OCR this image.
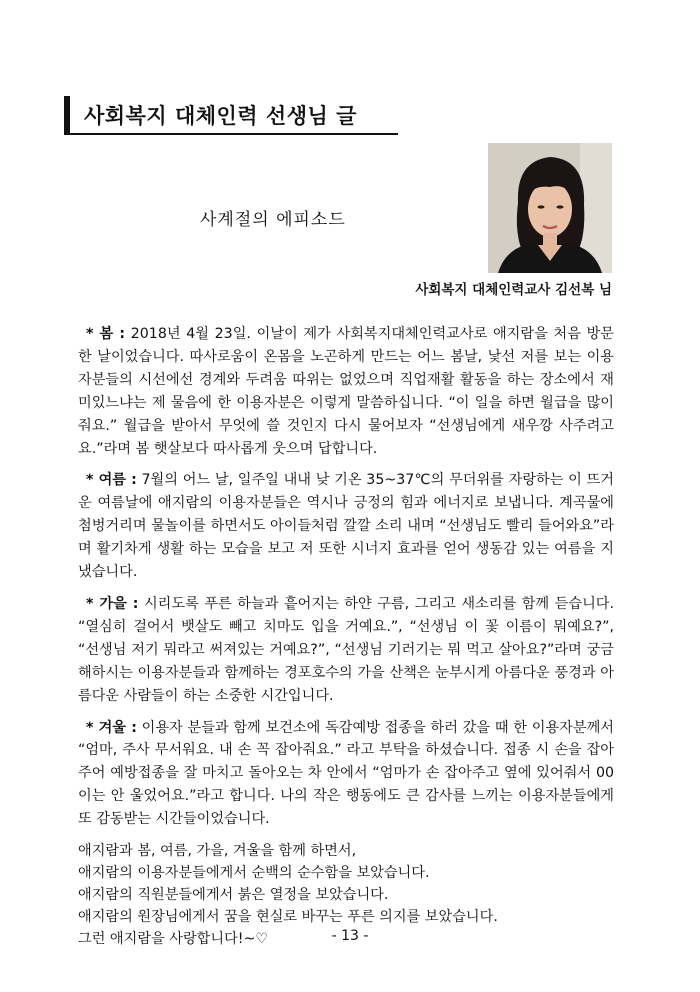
사회복지 대체인력 선생님 글
사계절의 에피소드
사회복지 대체인력교사 김선복 님

* 봄 : 2018년 4월 23일. 이날이 제가 사회복지대체인력교사로 애지람을 처음 방문한 날이었습니다. 따사로움이 온몸을 노곤하게 만드는 어느 봄날, 낯선 저를 보는 이용자분들의 시선에선 경계와 두려움 따위는 없었으며 직업재활 활동을 하는 장소에서 재미있느냐는 제 물음에 한 이용자분은 이렇게 말씀하십니다. “이 일을 하면 월급을 많이 줘요.” 월급을 받아서 무엇에 쓸 것인지 다시 물어보자 “선생님에게 새우깡 사주려고요.”라며 봄 햇살보다 따사롭게 웃으며 답합니다.

* 여름 : 7월의 어느 날, 일주일 내내 낮 기온 35~37℃의 무더위를 자랑하는 이 뜨거운 여름날에 애지람의 이용자분들은 역시나 긍정의 힘과 에너지로 보냅니다. 계곡물에 첨벙거리며 물놀이를 하면서도 아이들처럼 깔깔 소리 내며 “선생님도 빨리 들어와요”라며 활기차게 생활 하는 모습을 보고 저 또한 시너지 효과를 얻어 생동감 있는 여름을 지냈습니다.

* 가을 : 시리도록 푸른 하늘과 흩어지는 하얀 구름, 그리고 새소리를 함께 듣습니다. “열심히 걸어서 뱃살도 빼고 치마도 입을 거예요.”, “선생님 이 꽃 이름이 뭐예요?”, “선생님 저기 뭐라고 써져있는 거예요?”, “선생님 기러기는 뭐 먹고 살아요?”라며 궁금해하시는 이용자분들과 함께하는 경포호수의 가을 산책은 눈부시게 아름다운 풍경과 아름다운 사람들이 하는 소중한 시간입니다.

* 겨울 : 이용자 분들과 함께 보건소에 독감예방 접종을 하러 갔을 때 한 이용자분께서 “엄마, 주사 무서워요. 내 손 꼭 잡아줘요.” 라고 부탁을 하셨습니다. 접종 시 손을 잡아주어 예방접종을 잘 마치고 돌아오는 차 안에서 “엄마가 손 잡아주고 옆에 있어줘서 00이는 안 울었어요.”라고 합니다. 나의 작은 행동에도 큰 감사를 느끼는 이용자분들에게 또 감동받는 시간들이었습니다.

애지람과 봄, 여름, 가을, 겨울을 함께 하면서,
애지람의 이용자분들에게서 순백의 순수함을 보았습니다.
애지람의 직원분들에게서 붉은 열정을 보았습니다.
애지람의 원장님에게서 꿈을 현실로 바꾸는 푸른 의지를 보았습니다.
그런 애지람을 사랑합니다!~♡	- 13 -
